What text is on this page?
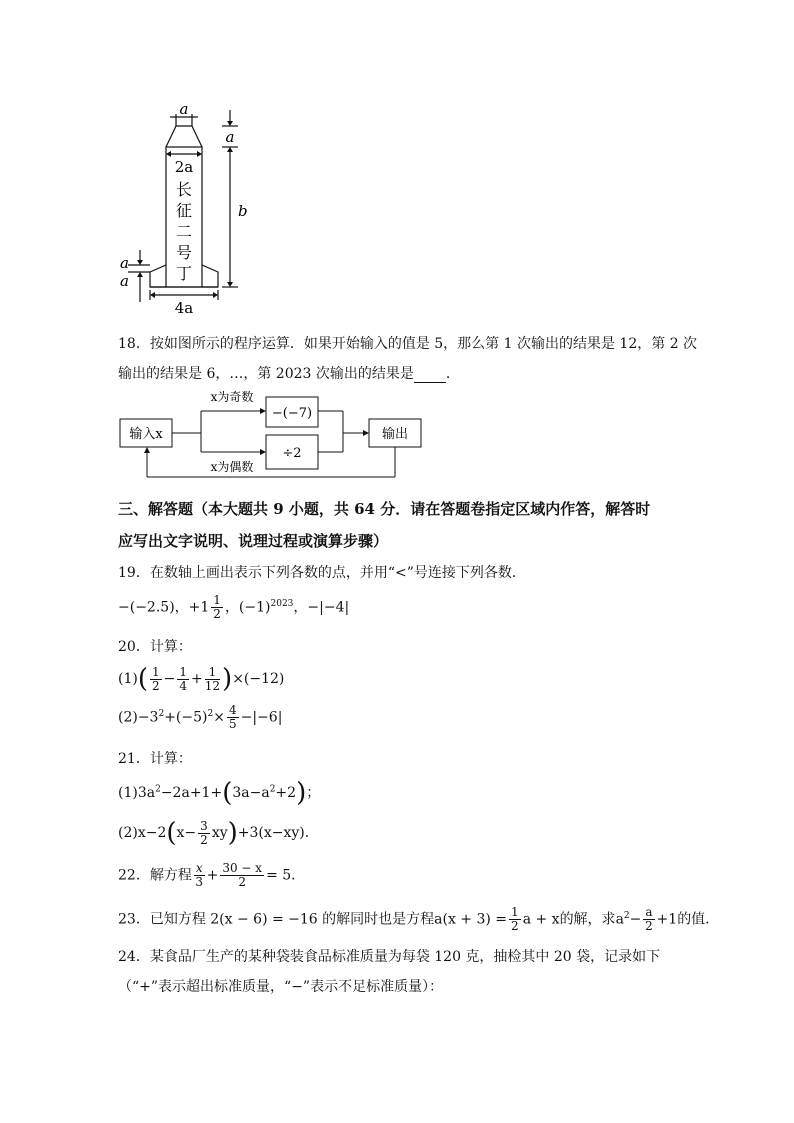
a
a
b
2a
长
征
二
号
丁
a
a
4a
18．按如图所示的程序运算．如果开始输入的值是 5，那么第 1 次输出的结果是 12，第 2 次
输出的结果是 6，…，第 2023 次输出的结果是 ．
输入x
x为奇数
−(−7)
x为偶数
÷2
输出
三、解答题（本大题共 9 小题，共 64 分．请在答题卷指定区域内作答，解答时
应写出文字说明、说理过程或演算步骤）
19．在数轴上画出表示下列各数的点，并用“<”号连接下列各数．
−(−2.5)，$+1 \frac{1}{2}$ ，$(-1)^{2023}$，−|−4|
20．计算：
$(1)( \frac{1}{2} - \frac{1}{4} + \frac{1}{12} )\times(-12)$
$(2)-3^2+(-5)^2\times \frac{4}{5} -|-6|$
21．计算：
$(1)3a^2-2a+1+(3a-a^2+2)$；
$(2)x-2(x- \frac{3}{2} xy)+3(x-xy)$．
22．解方程 $\frac{x}{3} + \frac{30 - x}{2} = 5$．
23．已知方程 2(x − 6) = −16 的解同时也是方程$a(x + 3) = \frac{1}{2}$ a + x的解，求$a^2- \frac{a}{2} +1$的值．
24．某食品厂生产的某种袋装食品标准质量为每袋 120 克，抽检其中 20 袋，记录如下
（“+”表示超出标准质量，“−”表示不足标准质量）：
